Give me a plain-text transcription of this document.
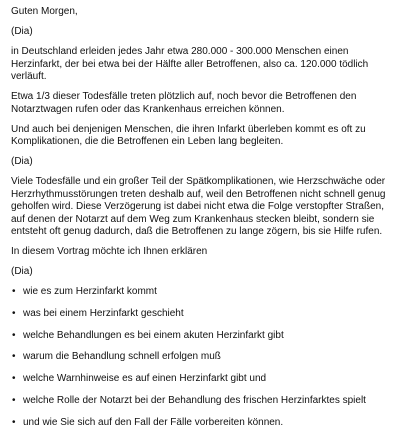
Guten Morgen,

(Dia)

in Deutschland erleiden jedes Jahr etwa 280.000 - 300.000 Menschen einen Herzinfarkt, der bei etwa bei der Hälfte aller Betroffenen, also ca. 120.000 tödlich verläuft.

Etwa 1/3 dieser Todesfälle treten plötzlich auf, noch bevor die Betroffenen den Notarztwagen rufen oder das Krankenhaus erreichen können.

Und auch bei denjenigen Menschen, die ihren Infarkt überleben kommt es oft zu Komplikationen, die die Betroffenen ein Leben lang begleiten.

(Dia)

Viele Todesfälle und ein großer Teil der Spätkomplikationen, wie Herzschwäche oder Herzrhythmusstörungen treten deshalb auf, weil den Betroffenen nicht schnell genug geholfen wird. Diese Verzögerung ist dabei nicht etwa die Folge verstopfter Straßen, auf denen der Notarzt auf dem Weg zum Krankenhaus stecken bleibt, sondern sie entsteht oft genug dadurch, daß die Betroffenen zu lange zögern, bis sie Hilfe rufen.

In diesem Vortrag möchte ich Ihnen erklären

(Dia)

• wie es zum Herzinfarkt kommt
• was bei einem Herzinfarkt geschieht
• welche Behandlungen es bei einem akuten Herzinfarkt gibt
• warum die Behandlung schnell erfolgen muß
• welche Warnhinweise es auf einen Herzinfarkt gibt und
• welche Rolle der Notarzt bei der Behandlung des frischen Herzinfarktes spielt
• und wie Sie sich auf den Fall der Fälle vorbereiten können.
